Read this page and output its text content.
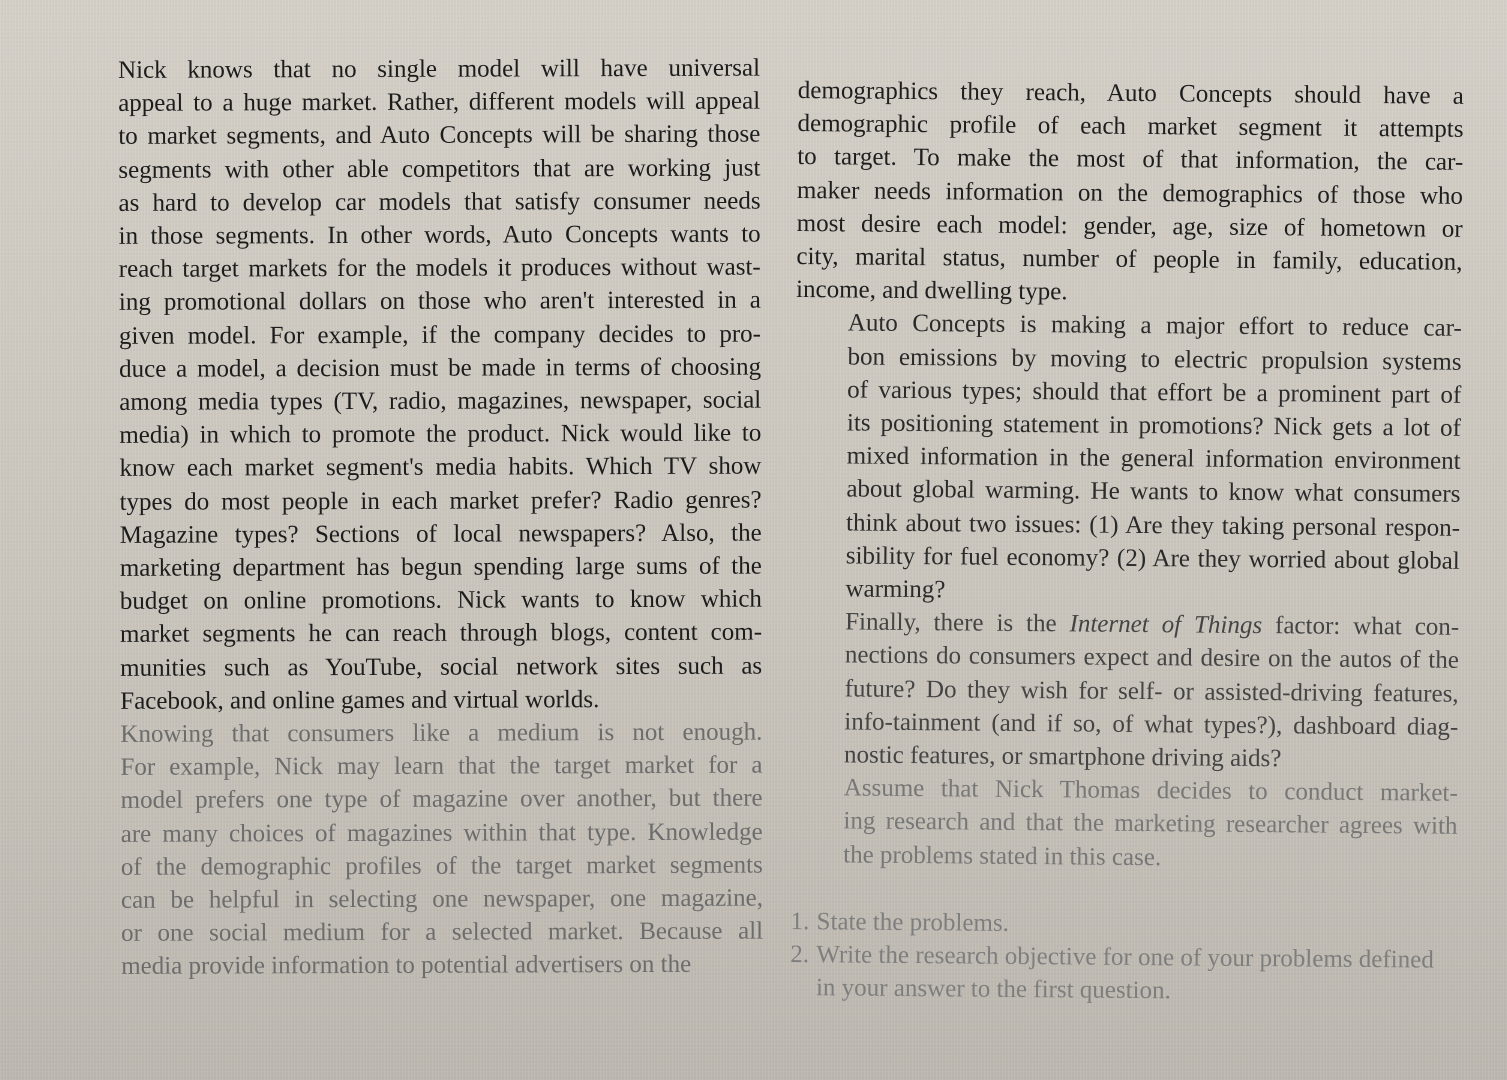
Nick knows that no single model will have universal
appeal to a huge market. Rather, different models will appeal
to market segments, and Auto Concepts will be sharing those
segments with other able competitors that are working just
as hard to develop car models that satisfy consumer needs
in those segments. In other words, Auto Concepts wants to
reach target markets for the models it produces without wast-
ing promotional dollars on those who aren't interested in a
given model. For example, if the company decides to pro-
duce a model, a decision must be made in terms of choosing
among media types (TV, radio, magazines, newspaper, social
media) in which to promote the product. Nick would like to
know each market segment's media habits. Which TV show
types do most people in each market prefer? Radio genres?
Magazine types? Sections of local newspapers? Also, the
marketing department has begun spending large sums of the
budget on online promotions. Nick wants to know which
market segments he can reach through blogs, content com-
munities such as YouTube, social network sites such as
Facebook, and online games and virtual worlds.

Knowing that consumers like a medium is not enough.
For example, Nick may learn that the target market for a
model prefers one type of magazine over another, but there
are many choices of magazines within that type. Knowledge
of the demographic profiles of the target market segments
can be helpful in selecting one newspaper, one magazine,
or one social medium for a selected market. Because all
media provide information to potential advertisers on the

demographics they reach, Auto Concepts should have a
demographic profile of each market segment it attempts
to target. To make the most of that information, the car-
maker needs information on the demographics of those who
most desire each model: gender, age, size of hometown or
city, marital status, number of people in family, education,
income, and dwelling type.

Auto Concepts is making a major effort to reduce car-
bon emissions by moving to electric propulsion systems
of various types; should that effort be a prominent part of
its positioning statement in promotions? Nick gets a lot of
mixed information in the general information environment
about global warming. He wants to know what consumers
think about two issues: (1) Are they taking personal respon-
sibility for fuel economy? (2) Are they worried about global
warming?

Finally, there is the Internet of Things factor: what con-
nections do consumers expect and desire on the autos of the
future? Do they wish for self- or assisted-driving features,
info-tainment (and if so, of what types?), dashboard diag-
nostic features, or smartphone driving aids?

Assume that Nick Thomas decides to conduct market-
ing research and that the marketing researcher agrees with
the problems stated in this case.

1. State the problems.
2. Write the research objective for one of your problems defined in your answer to the first question.
